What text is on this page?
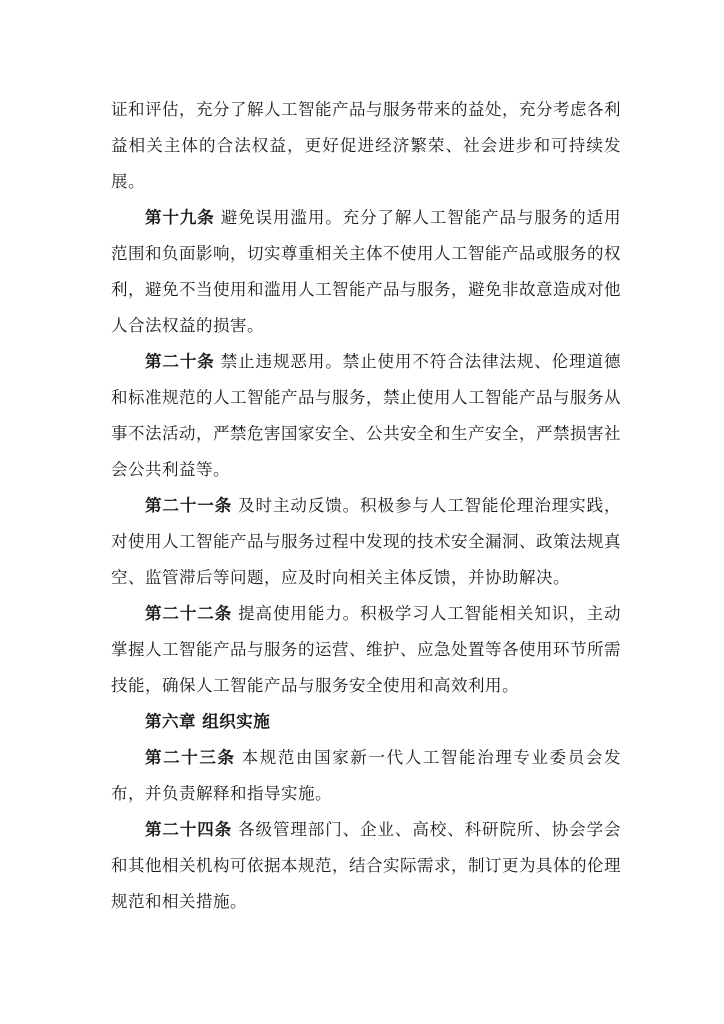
证和评估，充分了解人工智能产品与服务带来的益处，充分考虑各利益相关主体的合法权益，更好促进经济繁荣、社会进步和可持续发展。

第十九条 避免误用滥用。充分了解人工智能产品与服务的适用范围和负面影响，切实尊重相关主体不使用人工智能产品或服务的权利，避免不当使用和滥用人工智能产品与服务，避免非故意造成对他人合法权益的损害。

第二十条 禁止违规恶用。禁止使用不符合法律法规、伦理道德和标准规范的人工智能产品与服务，禁止使用人工智能产品与服务从事不法活动，严禁危害国家安全、公共安全和生产安全，严禁损害社会公共利益等。

第二十一条 及时主动反馈。积极参与人工智能伦理治理实践，对使用人工智能产品与服务过程中发现的技术安全漏洞、政策法规真空、监管滞后等问题，应及时向相关主体反馈，并协助解决。

第二十二条 提高使用能力。积极学习人工智能相关知识，主动掌握人工智能产品与服务的运营、维护、应急处置等各使用环节所需技能，确保人工智能产品与服务安全使用和高效利用。

第六章 组织实施

第二十三条 本规范由国家新一代人工智能治理专业委员会发布，并负责解释和指导实施。

第二十四条 各级管理部门、企业、高校、科研院所、协会学会和其他相关机构可依据本规范，结合实际需求，制订更为具体的伦理规范和相关措施。
